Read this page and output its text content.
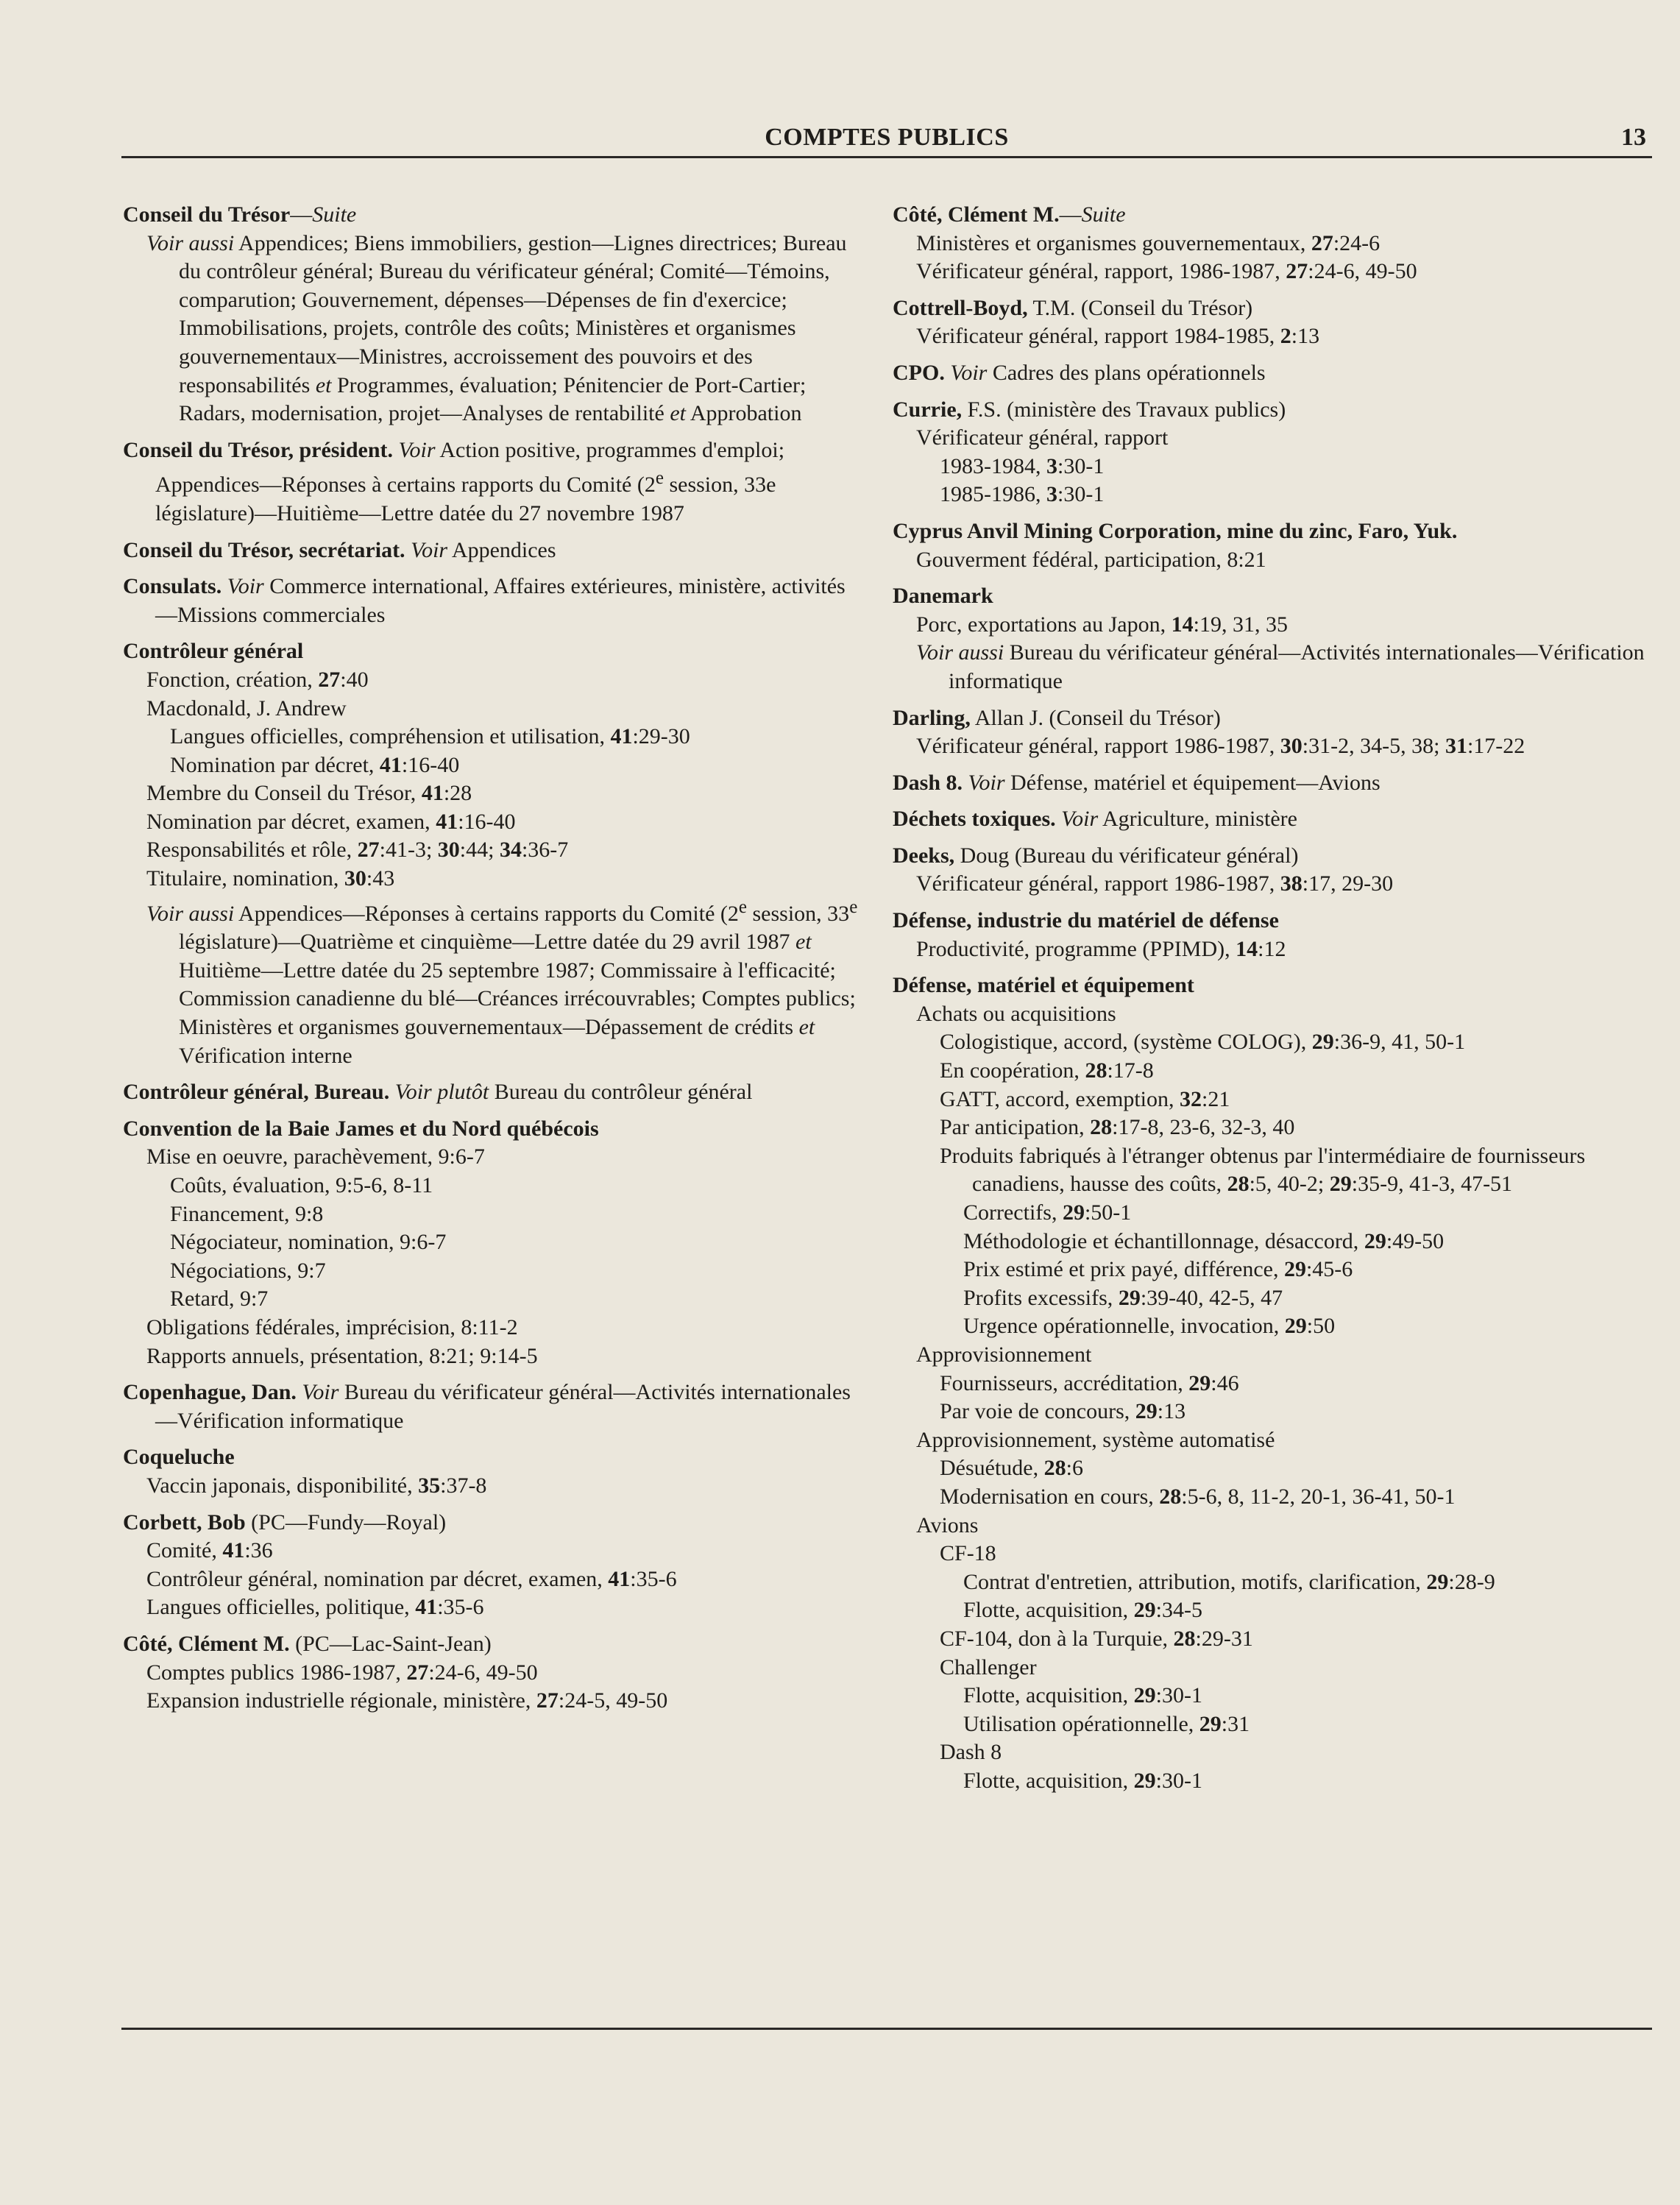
COMPTES PUBLICS	13
Conseil du Trésor—Suite
Voir aussi Appendices; Biens immobiliers, gestion—Lignes directrices; Bureau du contrôleur général; Bureau du vérificateur général; Comité—Témoins, comparution; Gouvernement, dépenses—Dépenses de fin d'exercice; Immobilisations, projets, contrôle des coûts; Ministères et organismes gouvernementaux—Ministres, accroissement des pouvoirs et des responsabilités et Programmes, évaluation; Pénitencier de Port-Cartier; Radars, modernisation, projet—Analyses de rentabilité et Approbation
Conseil du Trésor, président. Voir Action positive, programmes d'emploi; Appendices—Réponses à certains rapports du Comité (2e session, 33e législature)—Huitième—Lettre datée du 27 novembre 1987
Conseil du Trésor, secrétariat. Voir Appendices
Consulats. Voir Commerce international, Affaires extérieures, ministère, activités—Missions commerciales
Contrôleur général
Fonction, création, 27:40
Macdonald, J. Andrew
Langues officielles, compréhension et utilisation, 41:29-30
Nomination par décret, 41:16-40
Membre du Conseil du Trésor, 41:28
Nomination par décret, examen, 41:16-40
Responsabilités et rôle, 27:41-3; 30:44; 34:36-7
Titulaire, nomination, 30:43
Voir aussi Appendices—Réponses à certains rapports du Comité (2e session, 33e législature)—Quatrième et cinquième—Lettre datée du 29 avril 1987 et Huitième—Lettre datée du 25 septembre 1987; Commissaire à l'efficacité; Commission canadienne du blé—Créances irrécouvrables; Comptes publics; Ministères et organismes gouvernementaux—Dépassement de crédits et Vérification interne
Contrôleur général, Bureau. Voir plutôt Bureau du contrôleur général
Convention de la Baie James et du Nord québécois
Mise en oeuvre, parachèvement, 9:6-7
Coûts, évaluation, 9:5-6, 8-11
Financement, 9:8
Négociateur, nomination, 9:6-7
Négociations, 9:7
Retard, 9:7
Obligations fédérales, imprécision, 8:11-2
Rapports annuels, présentation, 8:21; 9:14-5
Copenhague, Dan. Voir Bureau du vérificateur général—Activités internationales—Vérification informatique
Coqueluche
Vaccin japonais, disponibilité, 35:37-8
Corbett, Bob (PC—Fundy—Royal)
Comité, 41:36
Contrôleur général, nomination par décret, examen, 41:35-6
Langues officielles, politique, 41:35-6
Côté, Clément M. (PC—Lac-Saint-Jean)
Comptes publics 1986-1987, 27:24-6, 49-50
Expansion industrielle régionale, ministère, 27:24-5, 49-50
Côté, Clément M.—Suite
Ministères et organismes gouvernementaux, 27:24-6
Vérificateur général, rapport, 1986-1987, 27:24-6, 49-50
Cottrell-Boyd, T.M. (Conseil du Trésor)
Vérificateur général, rapport 1984-1985, 2:13
CPO. Voir Cadres des plans opérationnels
Currie, F.S. (ministère des Travaux publics)
Vérificateur général, rapport
1983-1984, 3:30-1
1985-1986, 3:30-1
Cyprus Anvil Mining Corporation, mine du zinc, Faro, Yuk.
Gouverment fédéral, participation, 8:21
Danemark
Porc, exportations au Japon, 14:19, 31, 35
Voir aussi Bureau du vérificateur général—Activités internationales—Vérification informatique
Darling, Allan J. (Conseil du Trésor)
Vérificateur général, rapport 1986-1987, 30:31-2, 34-5, 38; 31:17-22
Dash 8. Voir Défense, matériel et équipement—Avions
Déchets toxiques. Voir Agriculture, ministère
Deeks, Doug (Bureau du vérificateur général)
Vérificateur général, rapport 1986-1987, 38:17, 29-30
Défense, industrie du matériel de défense
Productivité, programme (PPIMD), 14:12
Défense, matériel et équipement
Achats ou acquisitions
Cologistique, accord, (système COLOG), 29:36-9, 41, 50-1
En coopération, 28:17-8
GATT, accord, exemption, 32:21
Par anticipation, 28:17-8, 23-6, 32-3, 40
Produits fabriqués à l'étranger obtenus par l'intermédiaire de fournisseurs canadiens, hausse des coûts, 28:5, 40-2; 29:35-9, 41-3, 47-51
Correctifs, 29:50-1
Méthodologie et échantillonnage, désaccord, 29:49-50
Prix estimé et prix payé, différence, 29:45-6
Profits excessifs, 29:39-40, 42-5, 47
Urgence opérationnelle, invocation, 29:50
Approvisionnement
Fournisseurs, accréditation, 29:46
Par voie de concours, 29:13
Approvisionnement, système automatisé
Désuétude, 28:6
Modernisation en cours, 28:5-6, 8, 11-2, 20-1, 36-41, 50-1
Avions
CF-18
Contrat d'entretien, attribution, motifs, clarification, 29:28-9
Flotte, acquisition, 29:34-5
CF-104, don à la Turquie, 28:29-31
Challenger
Flotte, acquisition, 29:30-1
Utilisation opérationnelle, 29:31
Dash 8
Flotte, acquisition, 29:30-1
